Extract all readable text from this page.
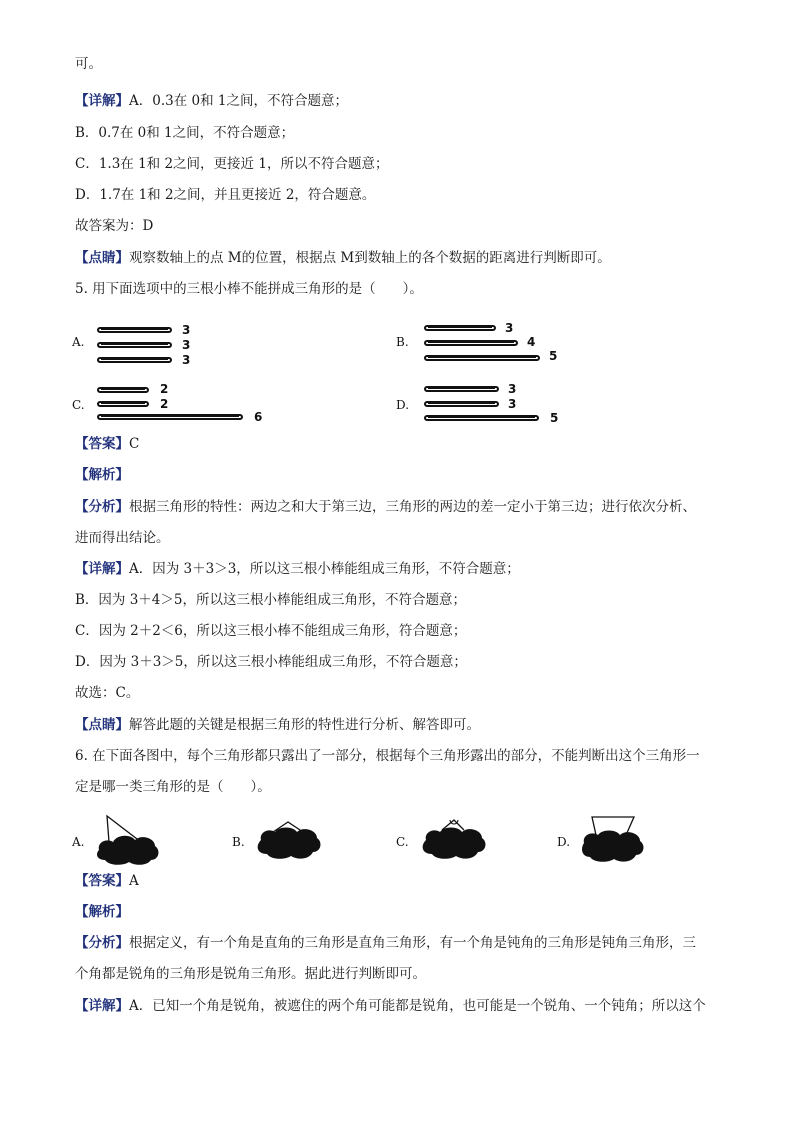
可。
【详解】A．0.3在 0和 1之间，不符合题意；
B．0.7在 0和 1之间，不符合题意；
C．1.3在 1和 2之间，更接近 1，所以不符合题意；
D．1.7在 1和 2之间，并且更接近 2，符合题意。
故答案为：D
【点睛】观察数轴上的点 M的位置，根据点 M到数轴上的各个数据的距离进行判断即可。
5. 用下面选项中的三根小棒不能拼成三角形的是（　　）。
【答案】C
【解析】
【分析】根据三角形的特性：两边之和大于第三边，三角形的两边的差一定小于第三边；进行依次分析、
进而得出结论。
【详解】A．因为 3＋3＞3，所以这三根小棒能组成三角形，不符合题意；
B．因为 3＋4＞5，所以这三根小棒能组成三角形，不符合题意；
C．因为 2＋2＜6，所以这三根小棒不能组成三角形，符合题意；
D．因为 3＋3＞5，所以这三根小棒能组成三角形，不符合题意；
故选：C。
【点睛】解答此题的关键是根据三角形的特性进行分析、解答即可。
6. 在下面各图中，每个三角形都只露出了一部分，根据每个三角形露出的部分，不能判断出这个三角形一
定是哪一类三角形的是（　　）。
【答案】A
【解析】
【分析】根据定义，有一个角是直角的三角形是直角三角形，有一个角是钝角的三角形是钝角三角形，三
个角都是锐角的三角形是锐角三角形。据此进行判断即可。
【详解】A．已知一个角是锐角，被遮住的两个角可能都是锐角，也可能是一个锐角、一个钝角；所以这个
A.
3
3
3
B.
3
4
5
C.
2
2
6
D.
3
3
5
A.	B.	C.	D.
